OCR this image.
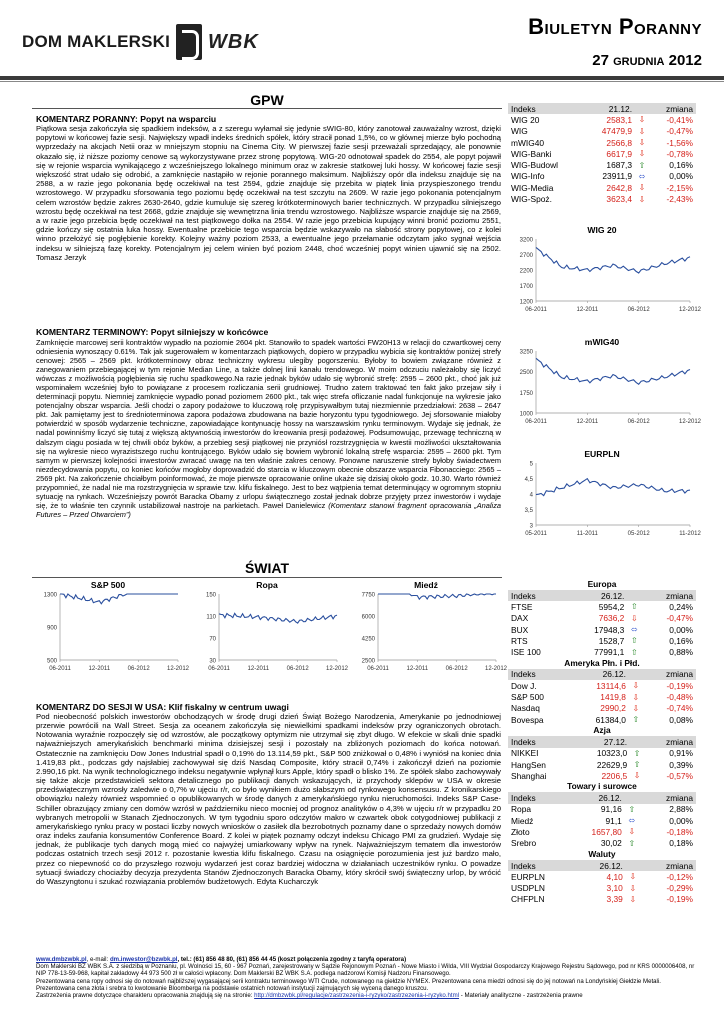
DOM MAKLERSKI WBK
Biuletyn Poranny
27 grudnia 2012
GPW
KOMENTARZ PORANNY: Popyt na wsparciu
Piątkowa sesja zakończyła się spadkiem indeksów, a z szeregu wyłamał się jedynie sWIG-80, który zanotował zauważalny wzrost, dzięki popytowi w końcowej fazie sesji. Największy wpadł indeks średnich spółek, który stracił ponad 1,5%, co w głównej mierze było pochodną wyprzedaży na akcjach Netii oraz w mniejszym stopniu na Cinema City. W pierwszej fazie sesji przeważali sprzedający, ale ponownie okazało się, iż niższe poziomy cenowe są wykorzystywane przez stronę popytową. WIG-20 odnotował spadek do 2554, ale popyt pojawił się w rejonie wsparcia wynikającego z wcześniejszego lokalnego minimum oraz w zakresie statkowej luki hossy. W końcowej fazie sesji większość strat udało się odrobić, a zamknięcie nastąpiło w rejonie porannego maksimum. Najbliższy opór dla indeksu znajduje się na 2588, a w razie jego pokonania będę oczekiwał na test 2594, gdzie znajduje się przebita w piątek linia przyspieszonego trendu wzrostowego. W przypadku sforsowania tego poziomu będę oczekiwał na test szczytu na 2609. W razie jego pokonania potencjalnym celem wzrostów będzie zakres 2630-2640, gdzie kumuluje się szereg krótkoterminowych barier technicznych. W przypadku silniejszego wzrostu będę oczekiwał na test 2668, gdzie znajduje się wewnętrzna linia trendu wzrostowego. Najbliższe wsparcie znajduje się na 2569, a w razie jego przebicia będę oczekiwał na test piątkowego dołka na 2554. W razie jego przebicia kupujący winni bronić poziomu 2551, gdzie kończy się ostatnia luka hossy. Ewentualne przebicie tego wsparcia będzie wskazywało na słabość strony popytowej, co z kolei winno przełożyć się pogłębienie korekty. Kolejny ważny poziom 2533, a ewentualne jego przełamanie odczytam jako sygnał wejścia indeksu w silniejszą fazę korekty. Potencjalnym jej celem winien być poziom 2448, choć wcześniej popyt winien ujawnić się na 2502. Tomasz Jerzyk
KOMENTARZ TERMINOWY: Popyt silniejszy w końcówce
Zamknięcie marcowej serii kontraktów wypadło na poziomie 2604 pkt. Stanowiło to spadek wartości FW20H13 w relacji do czwartkowej ceny odniesienia wynoszący 0.61%. Tak jak sugerowałem w komentarzach piątkowych, dopiero w przypadku wybicia się kontraktów poniżej strefy cenowej: 2565 – 2569 pkt. krótkoterminowy obraz techniczny wykresu ulegiby pogorszeniu. Byłoby to bowiem związane również z zanegowaniem przebiegającej w tym rejonie Median Line, a także dolnej linii kanału trendowego. W moim odczuciu należałoby się liczyć wówczas z możliwością pogłębienia się ruchu spadkowego.Na razie jednak byków udało się wybronić strefę: 2595 – 2600 pkt., choć jak już wspominałem wcześniej było to powiązane z procesem rozliczania serii grudniowej. Trudno zatem traktować ten fakt jako przejaw siły i determinacji popytu. Niemniej zamknięcie wypadło ponad poziomem 2600 pkt., tak więc strefa ofliczanie nadal funkcjonuje na wykresie jako potencjalny obszar wsparcia. Jeśli chodzi o zapory podażowe to kluczową rolę przypisywałbym tutaj niezmiennie przedziałowi: 2638 – 2647 pkt. Jak pamiętamy jest to średnioterminowa zapora podażowa zbudowana na bazie horyzontu typu tygodniowego. Jej sforsowanie miałoby potwierdzić w sposób wydarzenie techniczne, zapowiadające kontynuację hossy na warszawskim rynku terminowym. Wydaje się jednak, że nadal powinniśmy liczyć się tutaj z większą aktywnością inwestorów do kreowania presji podażowej. Podsumowując, przewagę techniczną w dalszym ciągu posiada w tej chwili obóz byków, a przebieg sesji piątkowej nie przyniósł rozstrzygnięcia w kwestii możliwości ukształtowania się na wykresie nieco wyrazistszego ruchu kontrującego. Byków udało się bowiem wybronić lokalną strefę wsparcia: 2595 – 2600 pkt. Tym samym w pierwszej kolejności inwestorów zwracać uwagę na ten właśnie zakres cenowy. Ponowne naruszenie strefy byłoby świadectwem niezdecydowania popytu, co koniec końców mogłoby doprowadzić do starcia w kluczowym obecnie obszarze wsparcia Fibonacciego: 2565 – 2569 pkt. Na zakończenie chciałbym poinformować, że moje pierwsze opracowanie online ukaże się dzisiaj około godz. 10.30. Warto również przypomnieć, że nadal nie ma rozstrzygnięcia w sprawie tzw. klifu fiskalnego. Jest to bez wątpienia temat determinujący w ogromnym stopniu sytuację na rynkach. Wcześniejszy powrót Baracka Obamy z urlopu świątecznego został jednak dobrze przyjęty przez inwestorów i wydaje się, że to właśnie ten czynnik ustabilizował nastroje na parkietach. Paweł Danielewicz (Komentarz stanowi fragment opracowania „Analiza Futures – Przed Otwarciem”)
Indeks	21.12.		zmiana
WIG 20	2583,1	⇩	-0,41%
WIG	47479,9	⇩	-0,47%
mWIG40	2566,8	⇩	-1,56%
WIG-Banki	6617,9	⇩	-0,78%
WIG-Budowl	1687,3	⇧	0,16%
WIG-Info	23911,9	⬄	0,00%
WIG-Media	2642,8	⇩	-2,15%
WIG-Spoż.	3623,4	⇩	-2,43%
WIG 20
3200
2700
2200
1700
1200
06-2011	12-2011	06-2012	12-2012
mWIG40
3250
2500
1750
1000
06-2011	12-2011	06-2012	12-2012
EURPLN
5
4,5
4
3,5
3
05-2011	11-2011	05-2012	11-2012
ŚWIAT
S&P 500
1300
900
500
06-2011	12-2011	06-2012	12-2012
Ropa
150
110
70
30
06-2011	12-2011	06-2012	12-2012
Miedź
7750
6000
4250
2500
06-2011	12-2011	06-2012	12-2012
KOMENTARZ DO SESJI W USA: Klif fiskalny w centrum uwagi
Pod nieobecność polskich inwestorów obchodzących w środę drugi dzień Świąt Bożego Narodzenia, Amerykanie po jednodniowej przerwie powrócili na Wall Street. Sesja za oceanem zakończyła się niewielkimi spadkami indeksów przy ograniczonych obrotach. Notowania wyraźnie rozpoczęły się od wzrostów, ale początkowy optymizm nie utrzymał się zbyt długo. W efekcie w skali dnie spadki najważniejszych amerykańskich benchmarki minima dzisiejszej sesji i pozostały na zbliżonych poziomach do końca notowań. Ostatecznie na zamknięciu Dow Jones Industrial spadł o 0,19% do 13.114,59 pkt., S&P 500 zniżkował o 0,48% i wyniósł na koniec dnia 1.419,83 pkt., podczas gdy najsłabiej zachowywał się dziś Nasdaq Composite, który stracił 0,74% i zakończył dzień na poziomie 2.990,16 pkt. Na wynik technologicznego indeksu negatywnie wpłynął kurs Apple, który spadł o blisko 1%. Ze spółek słabo zachowywały się także akcje przedstawicieli sektora detalicznego po publikacji danych wskazujących, iż przychody sklepów w USA w okresie przedświątecznym wzrosły zaledwie o 0,7% w ujęciu r/r, co było wynikiem dużo słabszym od rynkowego konsensusu. Z kronikarskiego obowiązku należy również wspomnieć o opublikowanych w środę danych z amerykańskiego rynku nieruchomości. Indeks S&P Case-Schiller obrazujący zmiany cen domów wzrósł w październiku nieco mocniej od prognoz analityków o 4,3% w ujęciu r/r w przypadku 20 wybranych metropolii w Stanach Zjednoczonych. W tym tygodniu sporo odczytów makro w czwartek obok cotygodniowej publikacji z amerykańskiego rynku pracy w postaci liczby nowych wniosków o zasiłek dla bezrobotnych poznamy dane o sprzedaży nowych domów oraz indeks zaufania konsumentów Conference Board. Z kolei w piątek poznamy odczyt indeksu Chicago PMI za grudzień. Wydaje się jednak, że publikacje tych danych mogą mieć co najwyżej umiarkowany wpływ na rynek. Najważniejszym tematem dla inwestorów podczas ostatnich trzech sesji 2012 r. pozostanie kwestia klifu fiskalnego. Czasu na osiągnięcie porozumienia jest już bardzo mało, przez co niepewność co do przyszłego rozwoju wydarzeń jest coraz bardziej widoczna w działaniach uczestników rynku. O powadze sytuacji świadczy chociażby decyzja prezydenta Stanów Zjednoczonych Baracka Obamy, który skrócił swój świąteczny urlop, by wrócić do Waszyngtonu i szukać rozwiązania problemów budżetowych. Edyta Kucharczyk
Europa
Indeks	26.12.		zmiana
FTSE	5954,2	⇧	0,24%
DAX	7636,2	⇩	-0,47%
BUX	17948,3	⬄	0,00%
RTS	1528,7	⇧	0,16%
ISE 100	77991,1	⇧	0,88%
Ameryka Płn. i Płd.
Indeks	26.12.		zmiana
Dow J.	13114,6	⇩	-0,19%
S&P 500	1419,8	⇩	-0,48%
Nasdaq	2990,2	⇩	-0,74%
Bovespa	61384,0	⇧	0,08%
Azja
Indeks	27.12.		zmiana
NIKKEI	10323,0	⇧	0,91%
HangSen	22629,9	⇧	0,39%
Shanghai	2206,5	⇩	-0,57%
Towary i surowce
Indeks	26.12.		zmiana
Ropa	91,16	⇧	2,88%
Miedź	91,1	⬄	0,00%
Złoto	1657,80	⇩	-0,18%
Srebro	30,02	⇧	0,18%
Waluty
Indeks	26.12.		zmiana
EURPLN	4,10	⇩	-0,12%
USDPLN	3,10	⇩	-0,29%
CHFPLN	3,39	⇩	-0,19%
www.dmbzwbk.pl, e-mail: dm.inwestor@bzwbk.pl, tel.: (61) 856 48 80, (61) 856 44 45 (koszt połączenia zgodny z taryfą operatora)
Dom Maklerski BZ WBK S.A. z siedzibą w Poznaniu, pl. Wolności 15, 60 - 967 Poznań, zarejestrowany w Sądzie Rejonowym Poznań - Nowe Miasto i Wilda, VIII Wydział Gospodarczy Krajowego Rejestru Sądowego, pod nr KRS 0000006408, nr NIP 778-13-59-968, kapitał zakładowy 44 973 500 zł w całości wpłacony. Dom Maklerski BZ WBK S.A. podlega nadzorowi Komisji Nadzoru Finansowego.
Prezentowana cena ropy odnosi się do notowań najbliższej wygasającej serii kontraktu terminowego WTI Crude, notowanego na giełdzie NYMEX. Prezentowana cena miedzi odnosi się do jej notowań na Londyńskiej Giełdzie Metali. Prezentowana cena złota i srebra to kwotowanie Bloomberga na podstawie ostatnich notowań instytucji zajmujących się wyceną danego kruszcu.
Zastrzeżenia prawne dotyczące charakteru opracowania znajdują się na stronie: http://dmbzwbk.pl/regulacje/zastrzezenia-i-ryzyko/zastrzezenia-i-ryzyko.html - Materiały analityczne - zastrzeżenia prawne
